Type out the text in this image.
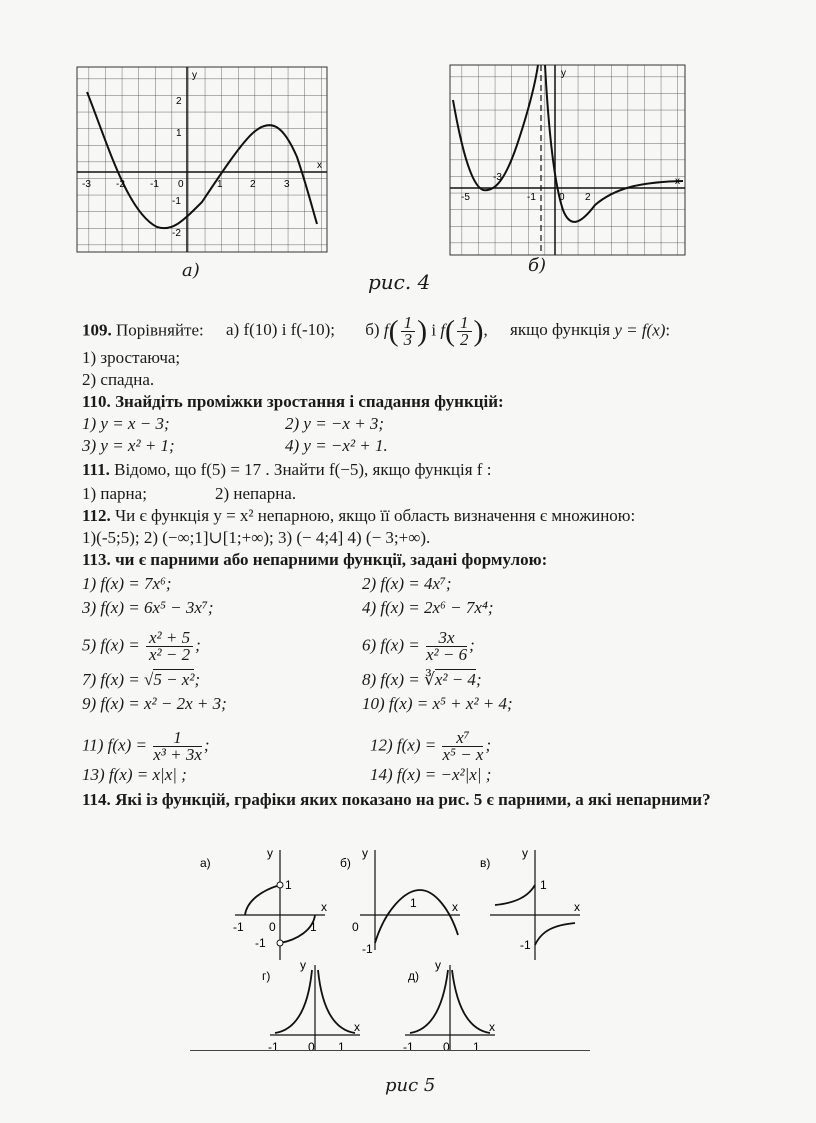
-3	-2	-1 0	1	2	3
x
y
2
1
-1
-2
а)
-5
-3
-1 0 2
x
y
б)
рис. 4
109. Порівняйте: а) f(10) і f(-10); б) $f( \frac{1}{3}$ ) і $f( \frac{1}{2}$ ), якщо функція y = f(x):
1) зростаюча;
2) спадна.
110. Знайдіть проміжки зростання і спадання функцій:
1) y = x − 3;	2) y = −x + 3;
3) y = x² + 1;	4) y = −x² + 1.
111. Відомо, що f(5) = 17 . Знайти f(−5), якщо функція f :
1) парна;	2) непарна.
112. Чи є функція y = x² непарною, якщо її область визначення є множиною:
1)(-5;5); 2) (−∞;1]∪[1;+∞); 3) (− 4;4] 4) (− 3;+∞).
113. чи є парними або непарними функції, задані формулою:
1) f(x) = 7x⁶;	2) f(x) = 4x⁷;
3) f(x) = 6x⁵ − 3x⁷;	4) f(x) = 2x⁶ − 7x⁴;
5) $f(x) = \frac{\text{x² + 5}}{\text{x² − 2}}$ ;	6) $f(x) = \frac{3x}{\text{x² − 6}}$ ;
7) f(x) = √5 − x²;	8) f(x) = ∛x² − 4;
9) f(x) = x² − 2x + 3;	10) f(x) = x⁵ + x² + 4;
11) $f(x) = \frac{1}{\text{x³ + 3x}}$ ;	12) $f(x) = \frac{\text{x⁷}}{\text{x⁵ − x}}$ ;
13) f(x) = x|x| ;	14) f(x) = −x²|x| ;
114. Які із функцій, графіки яких показано на рис. 5 є парними, а які непарними?
а)
y
x
1
-1 0	1
-1
б)
y
x
1
0
-1
в)
y
x
1
-1
г)
y
x
-1 0 1
д)
y
x
-1 0 1
рис 5
